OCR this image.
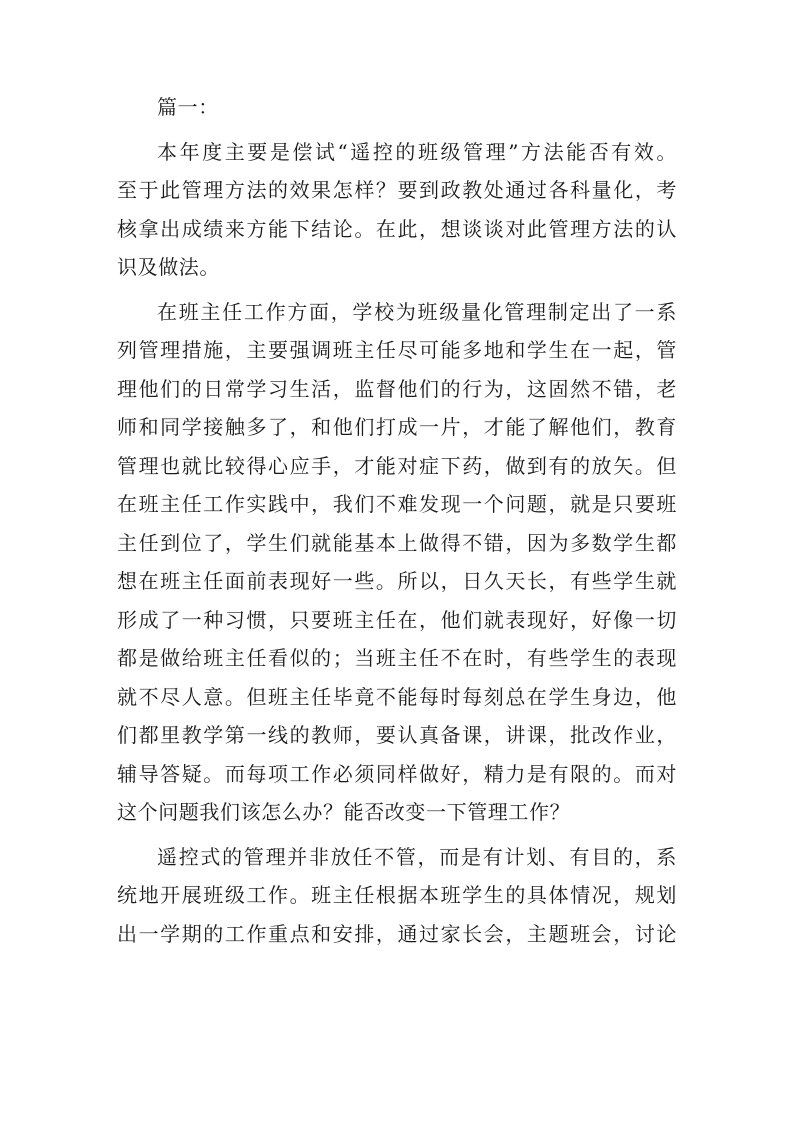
篇一：
本年度主要是偿试“遥控的班级管理”方法能否有效。
至于此管理方法的效果怎样？要到政教处通过各科量化，考
核拿出成绩来方能下结论。在此，想谈谈对此管理方法的认
识及做法。
在班主任工作方面，学校为班级量化管理制定出了一系
列管理措施，主要强调班主任尽可能多地和学生在一起，管
理他们的日常学习生活，监督他们的行为，这固然不错，老
师和同学接触多了，和他们打成一片，才能了解他们，教育
管理也就比较得心应手，才能对症下药，做到有的放矢。但
在班主任工作实践中，我们不难发现一个问题，就是只要班
主任到位了，学生们就能基本上做得不错，因为多数学生都
想在班主任面前表现好一些。所以，日久天长，有些学生就
形成了一种习惯，只要班主任在，他们就表现好，好像一切
都是做给班主任看似的；当班主任不在时，有些学生的表现
就不尽人意。但班主任毕竟不能每时每刻总在学生身边，他
们都里教学第一线的教师，要认真备课，讲课，批改作业，
辅导答疑。而每项工作必须同样做好，精力是有限的。而对
这个问题我们该怎么办？能否改变一下管理工作？
遥控式的管理并非放任不管，而是有计划、有目的，系
统地开展班级工作。班主任根据本班学生的具体情况，规划
出一学期的工作重点和安排，通过家长会，主题班会，讨论
